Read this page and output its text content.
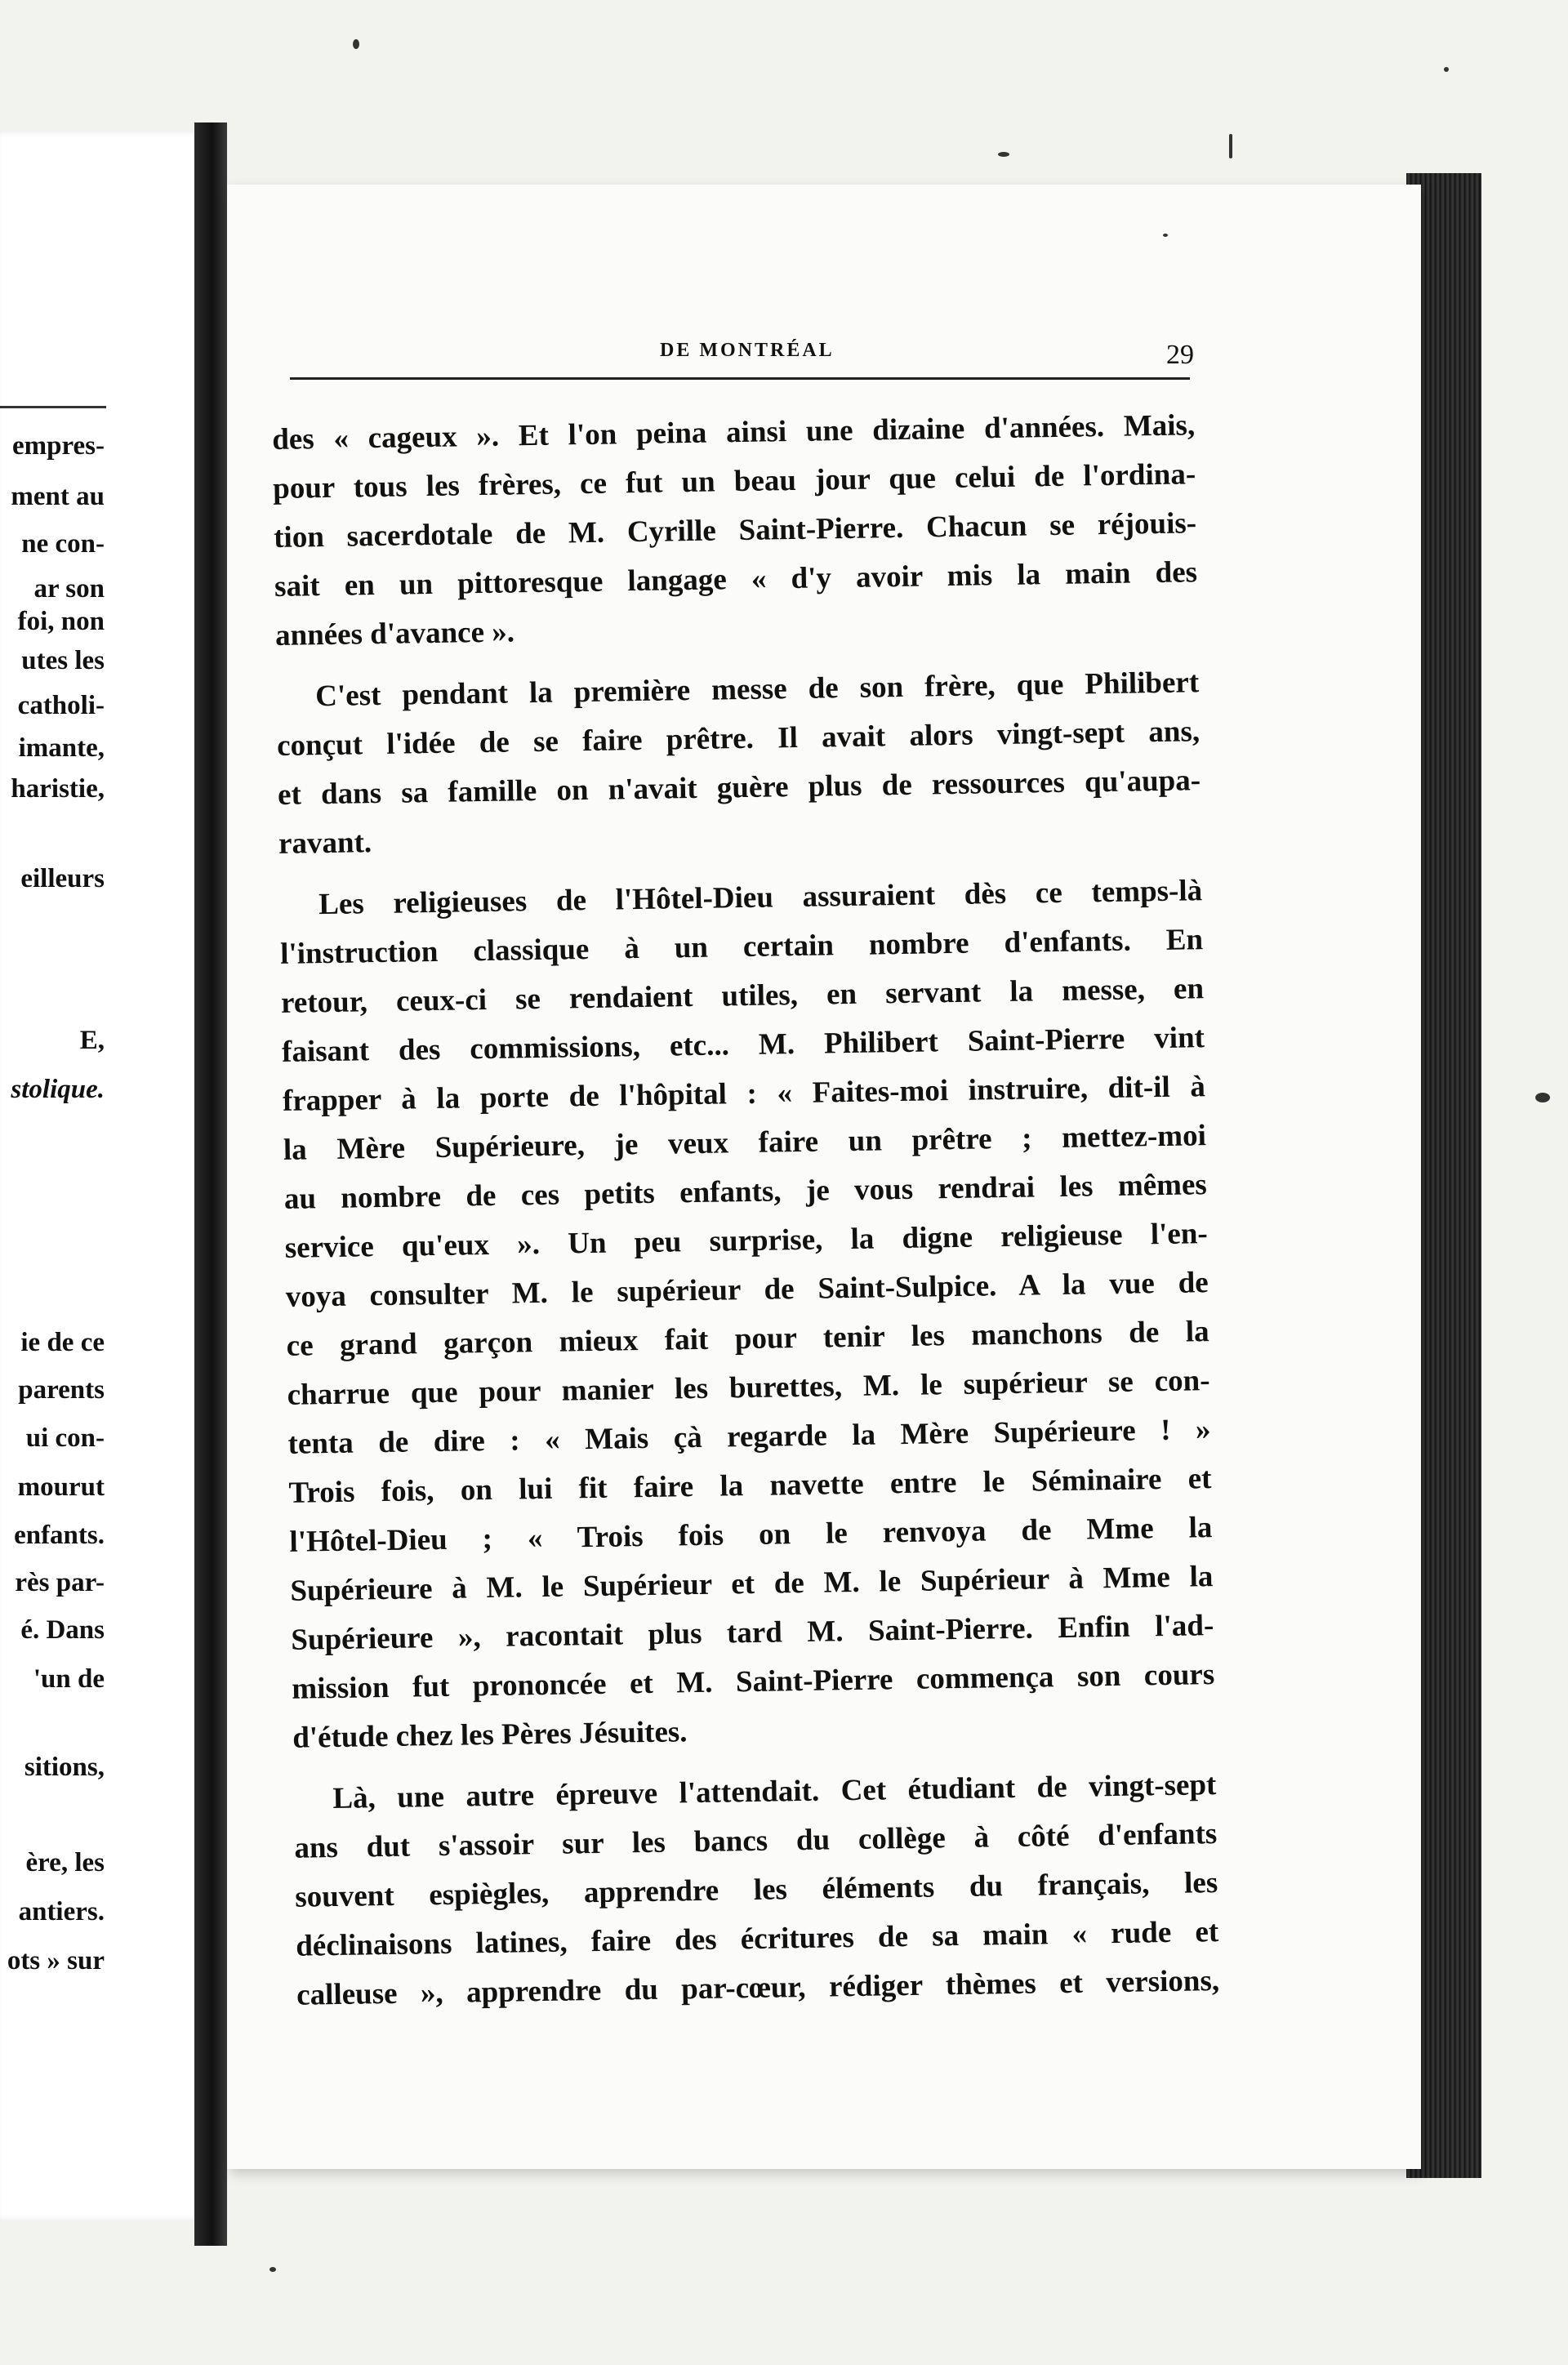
empres-
ment au
ne con-
ar son
foi, non
utes les
catholi-
imante,
haristie,
eilleurs
E,
stolique.
ie de ce
parents
ui con-
mourut
enfants.
rès par-
é. Dans
'un de
sitions,
ère, les
antiers.
ots » sur
DE MONTRÉAL	29
des « cageux ». Et l'on peina ainsi une dizaine d'années. Mais,
pour tous les frères, ce fut un beau jour que celui de l'ordina-
tion sacerdotale de M. Cyrille Saint-Pierre. Chacun se réjouis-
sait en un pittoresque langage « d'y avoir mis la main des
années d'avance ».
C'est pendant la première messe de son frère, que Philibert
conçut l'idée de se faire prêtre. Il avait alors vingt-sept ans,
et dans sa famille on n'avait guère plus de ressources qu'aupa-
ravant.
Les religieuses de l'Hôtel-Dieu assuraient dès ce temps-là
l'instruction classique à un certain nombre d'enfants. En
retour, ceux-ci se rendaient utiles, en servant la messe, en
faisant des commissions, etc... M. Philibert Saint-Pierre vint
frapper à la porte de l'hôpital : « Faites-moi instruire, dit-il à
la Mère Supérieure, je veux faire un prêtre ; mettez-moi
au nombre de ces petits enfants, je vous rendrai les mêmes
service qu'eux ». Un peu surprise, la digne religieuse l'en-
voya consulter M. le supérieur de Saint-Sulpice. A la vue de
ce grand garçon mieux fait pour tenir les manchons de la
charrue que pour manier les burettes, M. le supérieur se con-
tenta de dire : « Mais çà regarde la Mère Supérieure ! »
Trois fois, on lui fit faire la navette entre le Séminaire et
l'Hôtel-Dieu ; « Trois fois on le renvoya de Mme la
Supérieure à M. le Supérieur et de M. le Supérieur à Mme la
Supérieure », racontait plus tard M. Saint-Pierre. Enfin l'ad-
mission fut prononcée et M. Saint-Pierre commença son cours
d'étude chez les Pères Jésuites.
Là, une autre épreuve l'attendait. Cet étudiant de vingt-sept
ans dut s'assoir sur les bancs du collège à côté d'enfants
souvent espiègles, apprendre les éléments du français, les
déclinaisons latines, faire des écritures de sa main « rude et
calleuse », apprendre du par-cœur, rédiger thèmes et versions,
